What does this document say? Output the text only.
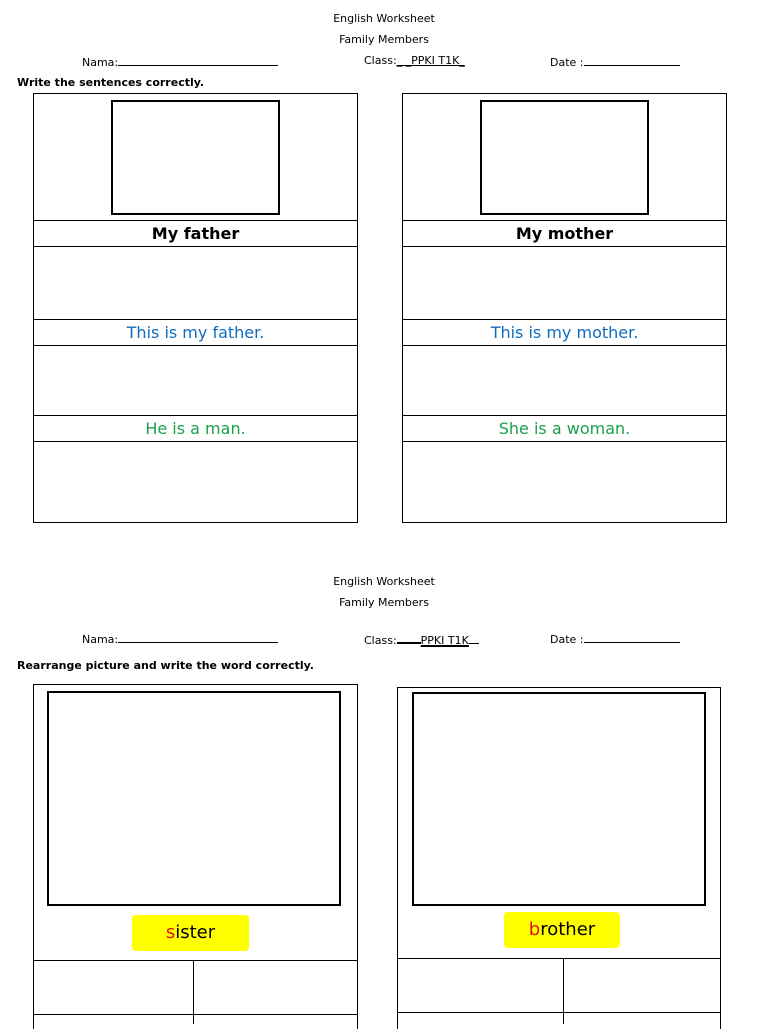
English Worksheet
Family Members
Nama:	Class:_ _PPKI T1K_	Date :
Write the sentences correctly.
My father
This is my father.
He is a man.
My mother
This is my mother.
She is a woman.
English Worksheet
Family Members
Nama:	Class: PPKI T1K	Date :
Rearrange picture and write the word correctly.
sister	brother
